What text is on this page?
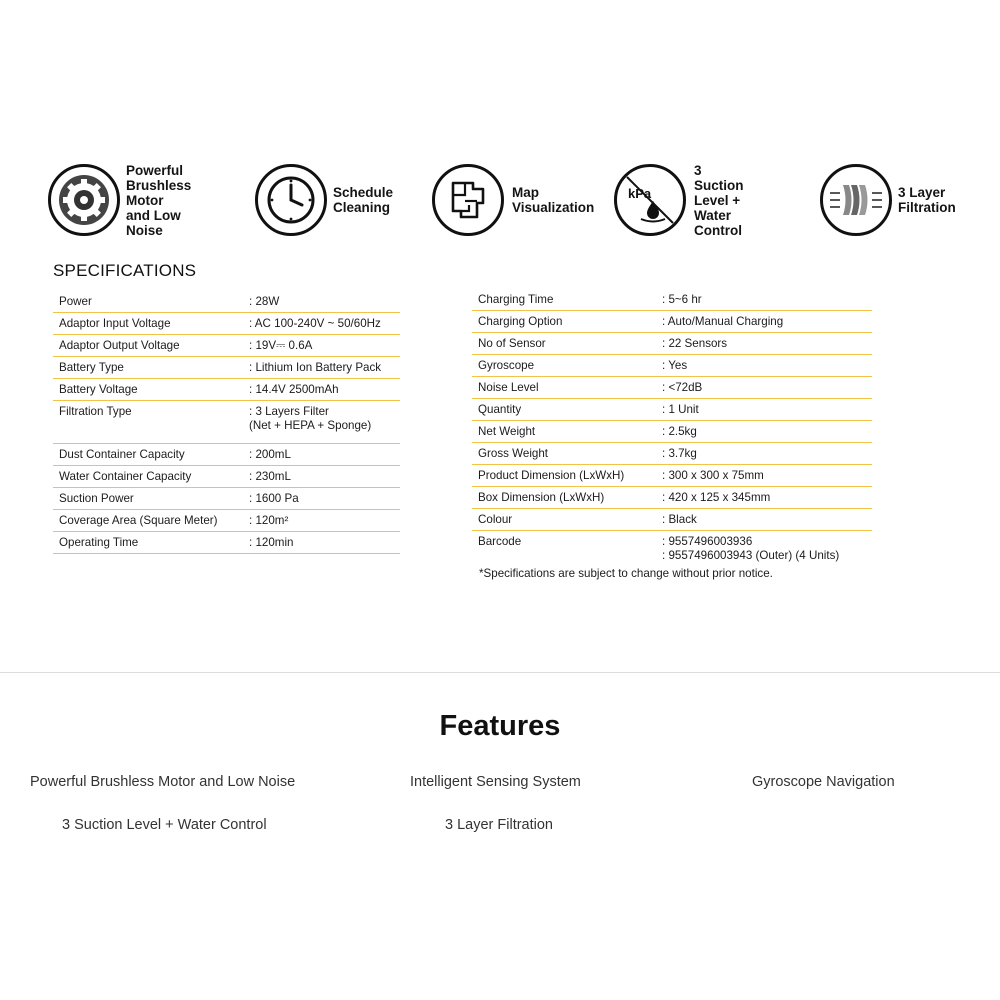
Powerful
Brushless Motor
and Low Noise
Schedule
Cleaning
Map
Visualization
kPa
3 Suction
Level +
Water Control
3 Layer
Filtration
SPECIFICATIONS
Power	: 28W
Adaptor Input Voltage	: AC 100-240V ~ 50/60Hz
Adaptor Output Voltage	: 19V⎓ 0.6A
Battery Type	: Lithium Ion Battery Pack
Battery Voltage	: 14.4V 2500mAh
Filtration Type	: 3 Layers Filter
(Net + HEPA + Sponge)
Dust Container Capacity	: 200mL
Water Container Capacity	: 230mL
Suction Power	: 1600 Pa
Coverage Area (Square Meter)	: 120m²
Operating Time	: 120min
Charging Time	: 5~6 hr
Charging Option	: Auto/Manual Charging
No of Sensor	: 22 Sensors
Gyroscope	: Yes
Noise Level	: <72dB
Quantity	: 1 Unit
Net Weight	: 2.5kg
Gross Weight	: 3.7kg
Product Dimension (LxWxH)	: 300 x 300 x 75mm
Box Dimension (LxWxH)	: 420 x 125 x 345mm
Colour	: Black
Barcode	: 9557496003936
: 9557496003943 (Outer) (4 Units)
*Specifications are subject to change without prior notice.
Features
Powerful Brushless Motor and Low Noise	Intelligent Sensing System	Gyroscope Navigation
3 Suction Level + Water Control	3 Layer Filtration
